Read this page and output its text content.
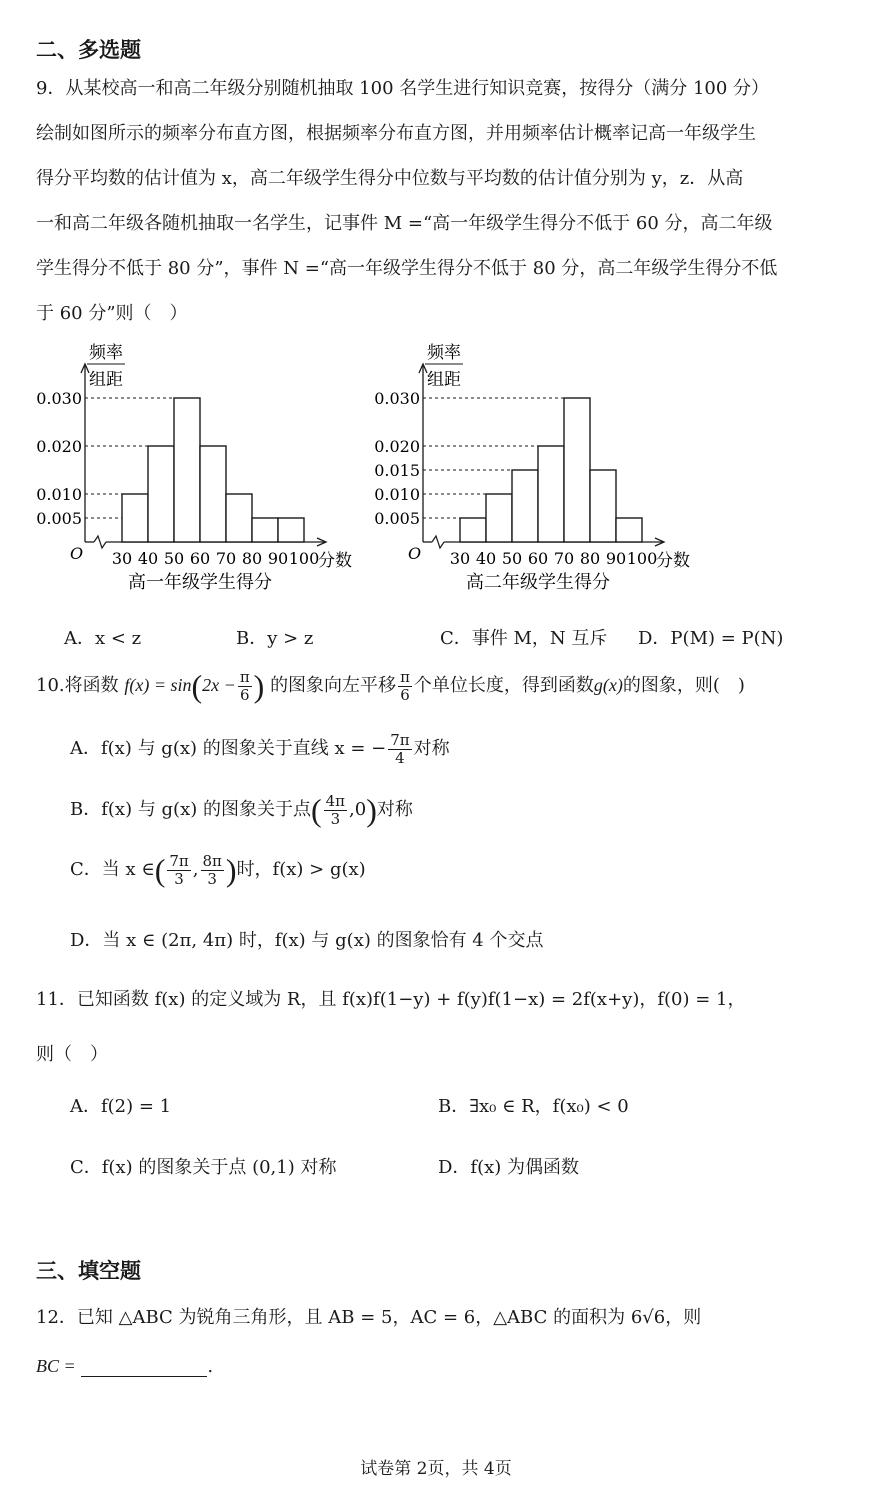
二、多选题
9．从某校高一和高二年级分别随机抽取 100 名学生进行知识竞赛，按得分（满分 100 分）
绘制如图所示的频率分布直方图，根据频率分布直方图，并用频率估计概率记高一年级学生
得分平均数的估计值为 x，高二年级学生得分中位数与平均数的估计值分别为 y，z．从高
一和高二年级各随机抽取一名学生，记事件 M =“高一年级学生得分不低于 60 分，高二年级
学生得分不低于 80 分”，事件 N =“高一年级学生得分不低于 80 分，高二年级学生得分不低
于 60 分”则（　）
频率
组距
O
0.005
0.010
0.020
0.030
30 40 50 60 70 80 90 100
分数
高一年级学生得分
频率
组距
O
0.005
0.010
0.015
0.020
0.030
30 40 50 60 70 80 90 100
分数
高二年级学生得分
A．x < z	B．y > z	C．事件 M，N 互斥 D．P(M) = P(N)
10.将函数 $f(x) = \sin(2x - \frac{\pi}{6}$ ) 的图象向左平移 $\frac{\pi}{6}$ 个单位长度，得到函数g(x)的图象，则(　)
A．f(x) 与 g(x) 的图象关于直线 x = − $\frac{7\pi}{4}$ 对称
B．f(x) 与 g(x) 的图象关于点( $\frac{4\pi}{3} ,0$)对称
C．当 x ∈( $\frac{7\pi}{3}$ , $\frac{8\pi}{3}$ )时，f(x) > g(x)
D．当 x ∈ (2π, 4π) 时，f(x) 与 g(x) 的图象恰有 4 个交点
11．已知函数 f(x) 的定义域为 R，且 f(x)f(1−y) + f(y)f(1−x) = 2f(x+y)，f(0) = 1，
则（　）
A．f(2) = 1	B．∃x₀ ∈ R，f(x₀) < 0
C．f(x) 的图象关于点 (0,1) 对称	D．f(x) 为偶函数
三、填空题
12．已知 △ABC 为锐角三角形，且 AB = 5，AC = 6，△ABC 的面积为 6√6，则
BC =	.
试卷第 2页，共 4页
